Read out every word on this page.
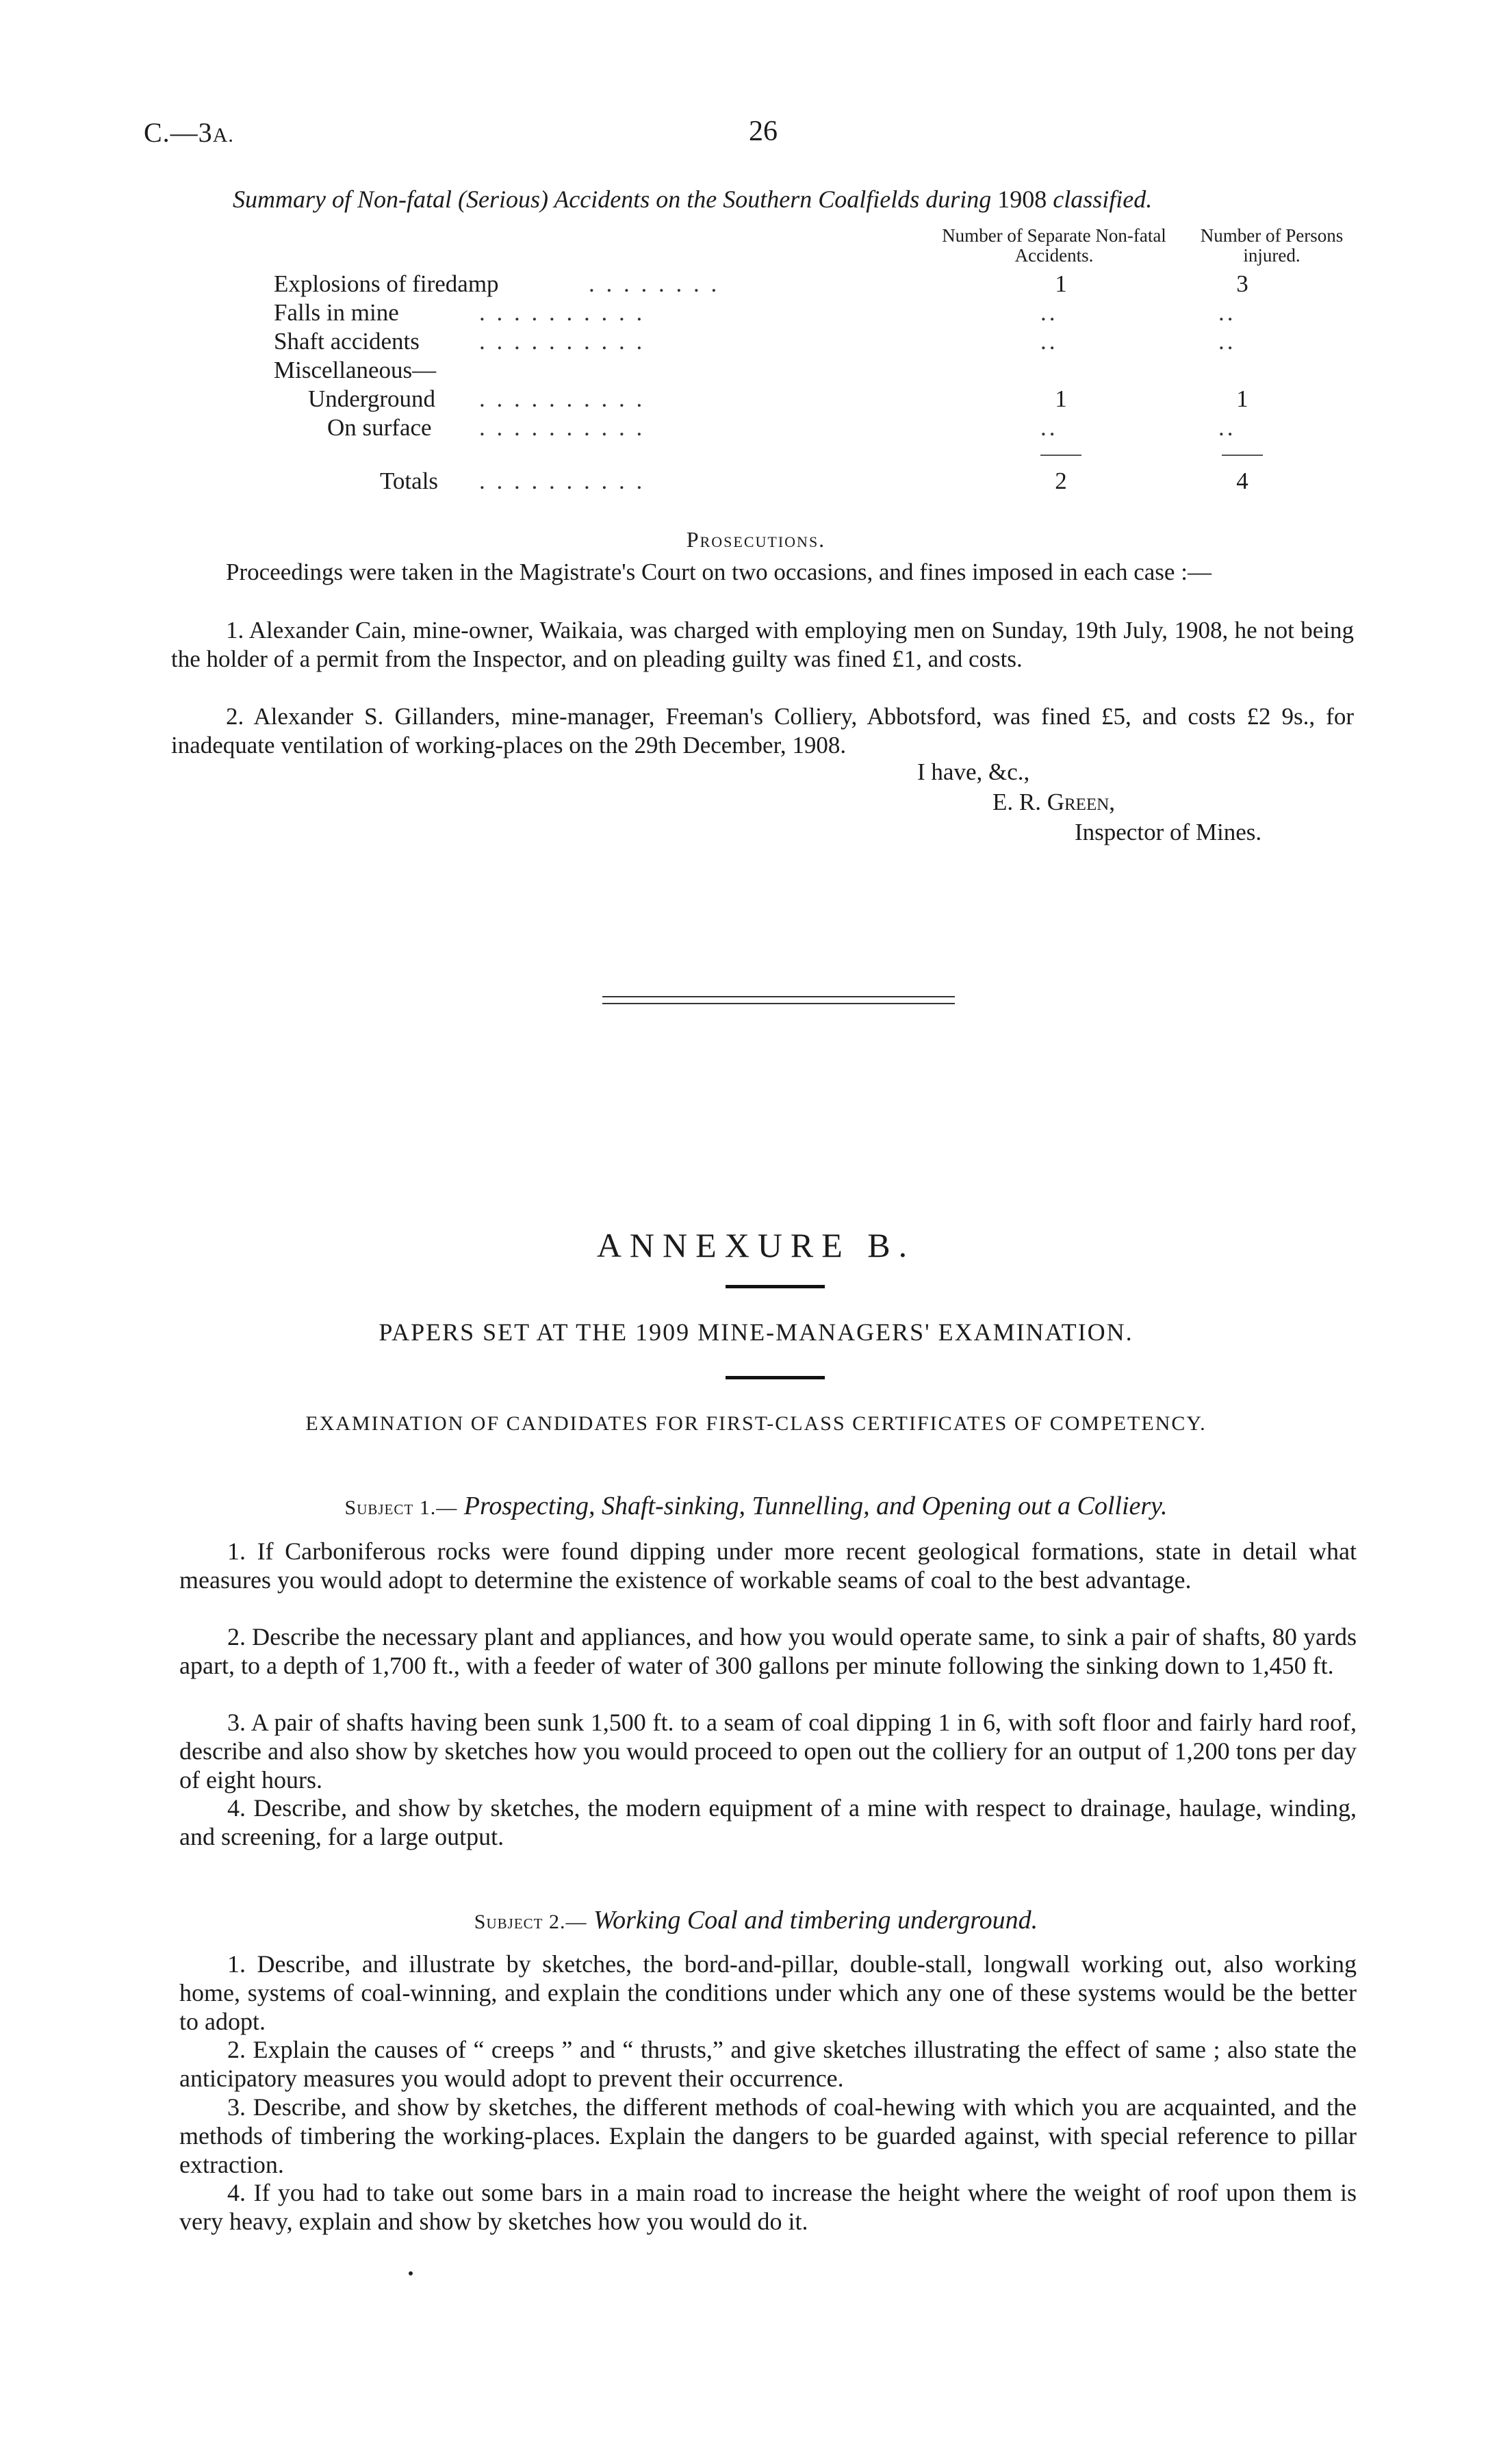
C.—3A.	26
Summary of Non-fatal (Serious) Accidents on the Southern Coalfields during 1908 classified.
Number of Separate Non-fatal Accidents.
Number of Persons injured.
Explosions of firedamp	. . . . . . . .	1	3
Falls in mine	. . . . . . . . . .	..	..
Shaft accidents . . . . . . . . . .	..	..
Miscellaneous—
Underground . . . . . . . . . .	1	1
On surface . . . . . . . . . .	..	..
Totals . . . . . . . . . .	2	4
Prosecutions.
Proceedings were taken in the Magistrate's Court on two occasions, and fines imposed in each case :—
1. Alexander Cain, mine-owner, Waikaia, was charged with employing men on Sunday, 19th July, 1908, he not being the holder of a permit from the Inspector, and on pleading guilty was fined £1, and costs.
2. Alexander S. Gillanders, mine-manager, Freeman's Colliery, Abbotsford, was fined £5, and costs £2 9s., for inadequate ventilation of working-places on the 29th December, 1908.
I have, &c.,
E. R. Green,
Inspector of Mines.
ANNEXURE B.
PAPERS SET AT THE 1909 MINE-MANAGERS' EXAMINATION.
EXAMINATION OF CANDIDATES FOR FIRST-CLASS CERTIFICATES OF COMPETENCY.
Subject 1.— Prospecting, Shaft-sinking, Tunnelling, and Opening out a Colliery.
1. If Carboniferous rocks were found dipping under more recent geological formations, state in detail what measures you would adopt to determine the existence of workable seams of coal to the best advantage.
2. Describe the necessary plant and appliances, and how you would operate same, to sink a pair of shafts, 80 yards apart, to a depth of 1,700 ft., with a feeder of water of 300 gallons per minute following the sinking down to 1,450 ft.
3. A pair of shafts having been sunk 1,500 ft. to a seam of coal dipping 1 in 6, with soft floor and fairly hard roof, describe and also show by sketches how you would proceed to open out the colliery for an output of 1,200 tons per day of eight hours.
4. Describe, and show by sketches, the modern equipment of a mine with respect to drainage, haulage, winding, and screening, for a large output.
Subject 2.— Working Coal and timbering underground.
1. Describe, and illustrate by sketches, the bord-and-pillar, double-stall, longwall working out, also working home, systems of coal-winning, and explain the conditions under which any one of these systems would be the better to adopt.
2. Explain the causes of “ creeps ” and “ thrusts,” and give sketches illustrating the effect of same ; also state the anticipatory measures you would adopt to prevent their occurrence.
3. Describe, and show by sketches, the different methods of coal-hewing with which you are acquainted, and the methods of timbering the working-places. Explain the dangers to be guarded against, with special reference to pillar extraction.
4. If you had to take out some bars in a main road to increase the height where the weight of roof upon them is very heavy, explain and show by sketches how you would do it.
